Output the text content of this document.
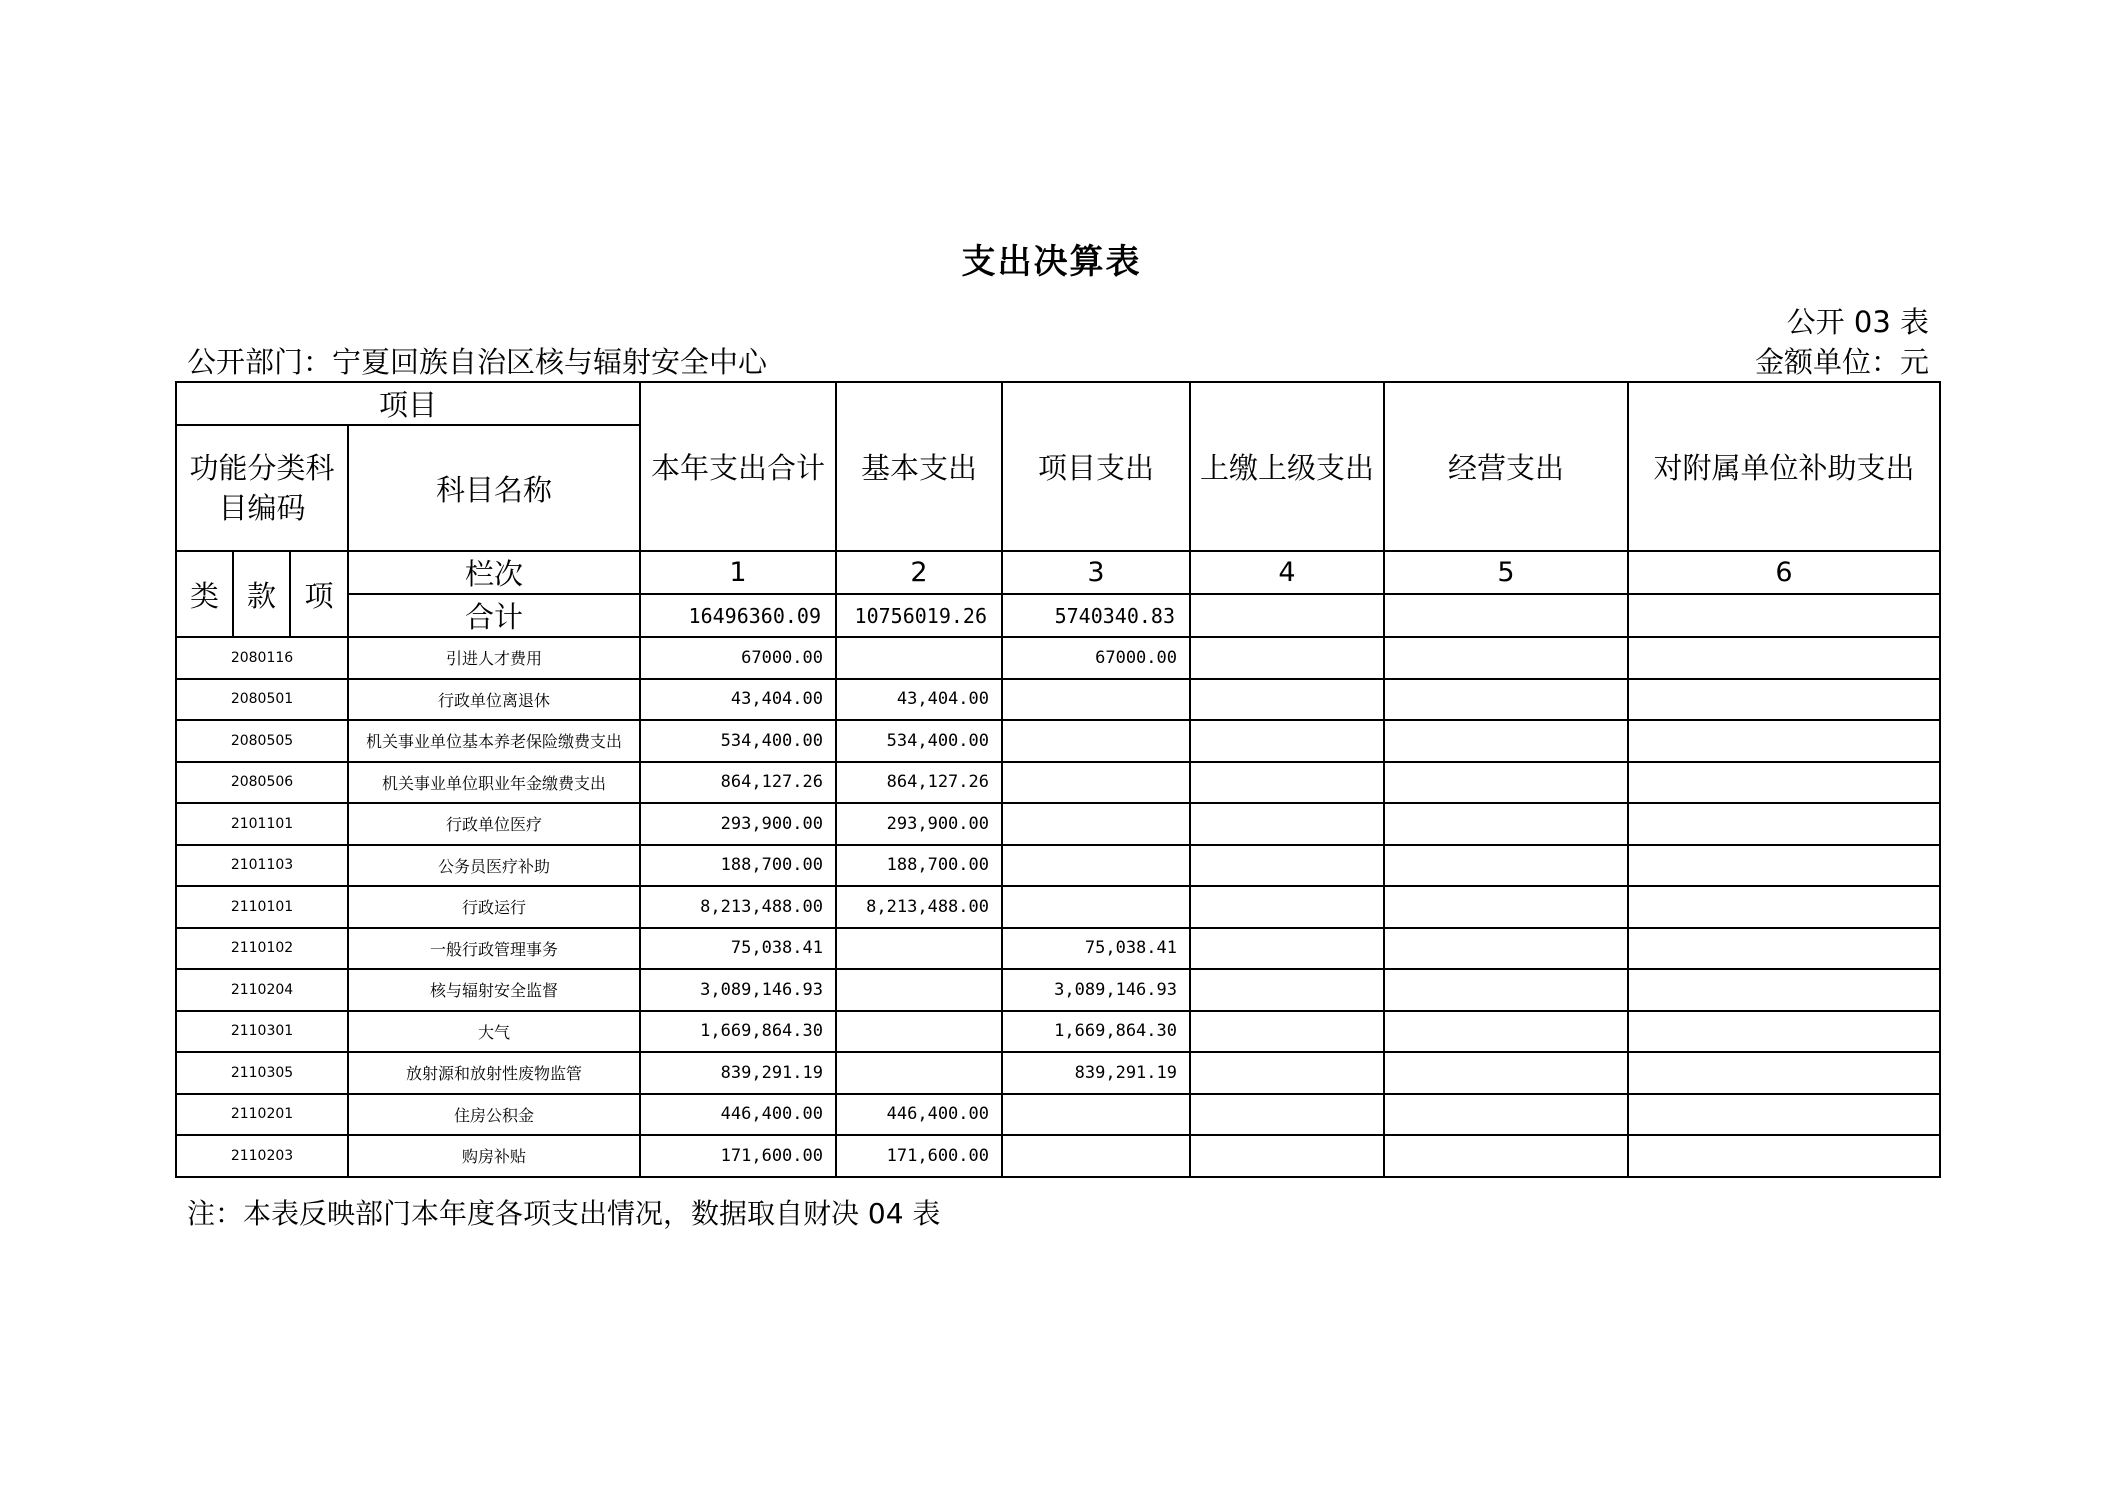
支出决算表
公开 03 表
公开部门：宁夏回族自治区核与辐射安全中心	金额单位：元
项目				本年支出合计	基本支出	项目支出	上缴上级支出	经营支出	对附属单位补助支出
功能分类科目编码			科目名称						
类	款	项	栏次	1	2	3	4	5	6
			合计	16496360.09	10756019.26	5740340.83			
2080116			引进人才费用	67000.00		67000.00			
2080501			行政单位离退休	43,404.00	43,404.00				
2080505			机关事业单位基本养老保险缴费支出	534,400.00	534,400.00				
2080506			机关事业单位职业年金缴费支出	864,127.26	864,127.26				
2101101			行政单位医疗	293,900.00	293,900.00				
2101103			公务员医疗补助	188,700.00	188,700.00				
2110101			行政运行	8,213,488.00	8,213,488.00				
2110102			一般行政管理事务	75,038.41		75,038.41			
2110204			核与辐射安全监督	3,089,146.93		3,089,146.93			
2110301			大气	1,669,864.30		1,669,864.30			
2110305			放射源和放射性废物监管	839,291.19		839,291.19			
2110201			住房公积金	446,400.00	446,400.00				
2110203			购房补贴	171,600.00	171,600.00				
注：本表反映部门本年度各项支出情况，数据取自财决 04 表
